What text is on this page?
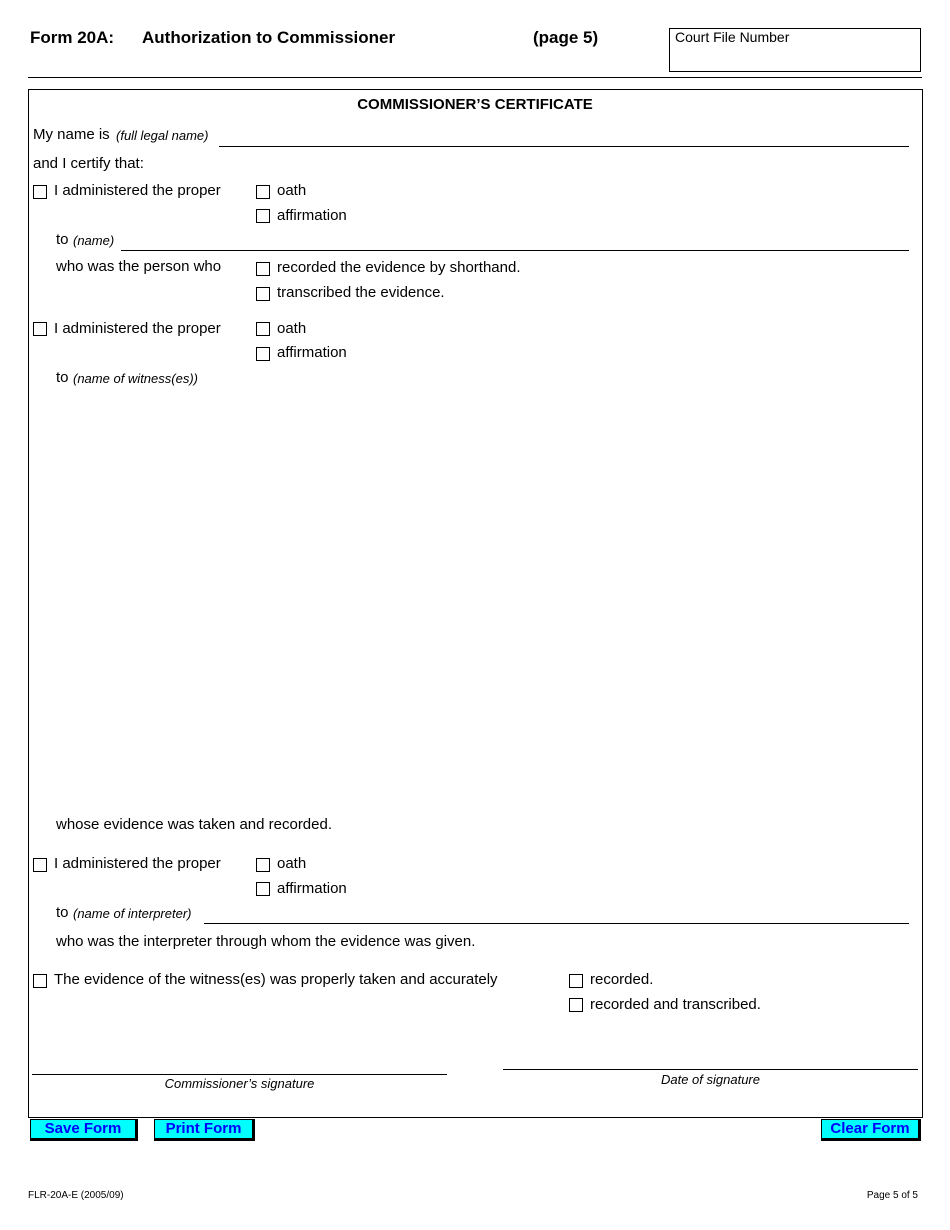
Form 20A: Authorization to Commissioner	(page 5)	Court File Number
COMMISSIONER’S CERTIFICATE
My name is (full legal name)
and I certify that:
I administered the proper	oath
affirmation
to (name)
who was the person who	recorded the evidence by shorthand.
transcribed the evidence.
I administered the proper	oath
affirmation
to (name of witness(es))
whose evidence was taken and recorded.
I administered the proper	oath
affirmation
to (name of interpreter)
who was the interpreter through whom the evidence was given.
The evidence of the witness(es) was properly taken and accurately	recorded.
recorded and transcribed.
Commissioner’s signature	Date of signature
Save Form	Print Form	Clear Form
FLR-20A-E (2005/09)	Page 5 of 5
